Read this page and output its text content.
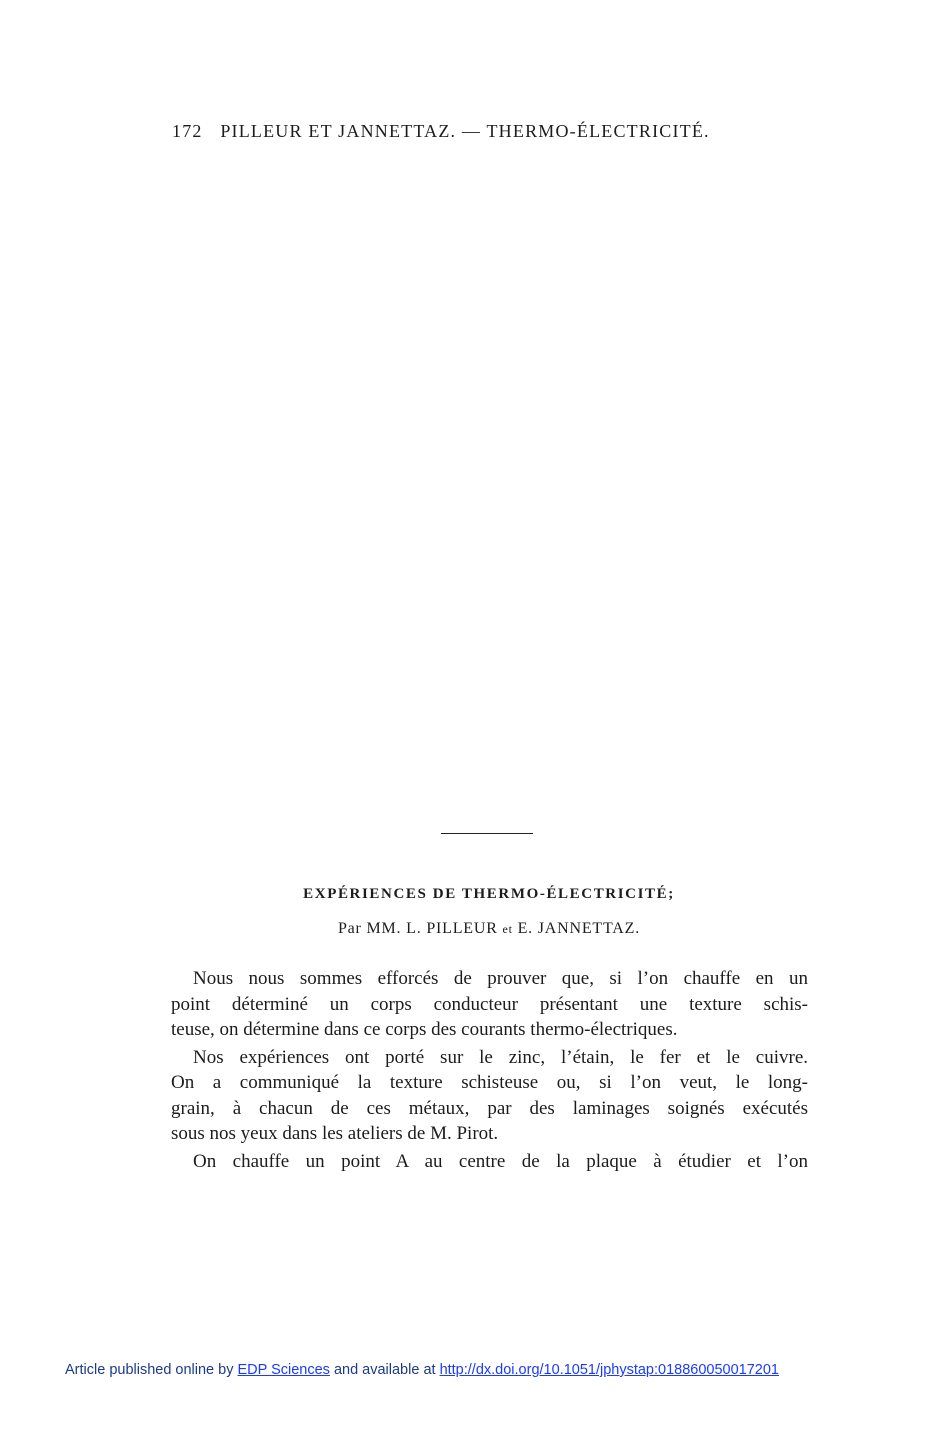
172 PILLEUR ET JANNETTAZ. — THERMO-ÉLECTRICITÉ.
EXPÉRIENCES DE THERMO-ÉLECTRICITÉ;
Par MM. L. PILLEUR et E. JANNETTAZ.
Nous nous sommes efforcés de prouver que, si l’on chauffe en un
point déterminé un corps conducteur présentant une texture schis-
teuse, on détermine dans ce corps des courants thermo-électriques.
Nos expériences ont porté sur le zinc, l’étain, le fer et le cuivre.
On a communiqué la texture schisteuse ou, si l’on veut, le long-
grain, à chacun de ces métaux, par des laminages soignés exécutés
sous nos yeux dans les ateliers de M. Pirot.
On chauffe un point A au centre de la plaque à étudier et l’on
Article published online by EDP Sciences and available at http://dx.doi.org/10.1051/jphystap:018860050017201
